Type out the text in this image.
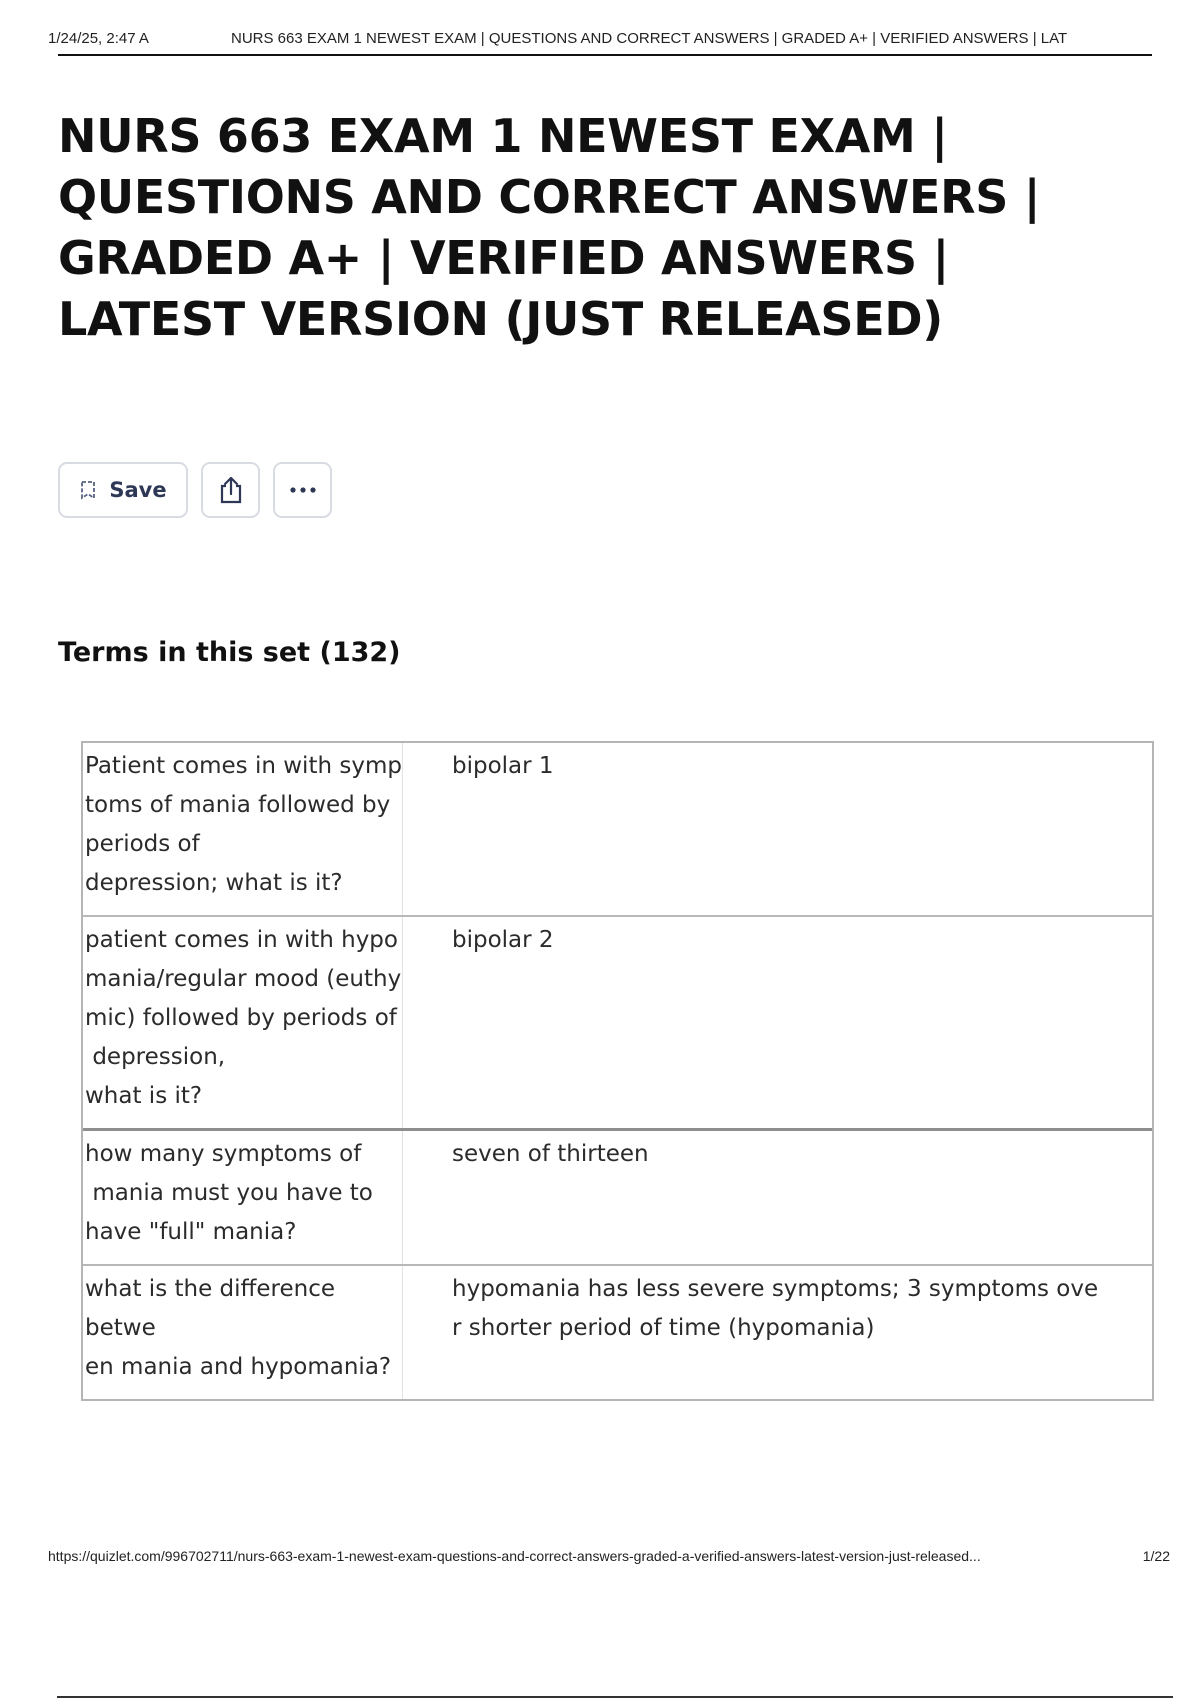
1/24/25, 2:47 A	NURS 663 EXAM 1 NEWEST EXAM | QUESTIONS AND CORRECT ANSWERS | GRADED A+ | VERIFIED ANSWERS | LAT
NURS 663 EXAM 1 NEWEST EXAM | QUESTIONS AND CORRECT ANSWERS | GRADED A+ | VERIFIED ANSWERS | LATEST VERSION (JUST RELEASED)
Save
Terms in this set (132)
Patient comes in with symp
toms of mania followed by
periods of
depression; what is it?
bipolar 1
patient comes in with hypo
mania/regular mood (euthy
mic) followed by periods of
depression,
what is it?
bipolar 2
how many symptoms of
mania must you have to
have "full" mania?
seven of thirteen
what is the difference betwe
en mania and hypomania?
hypomania has less severe symptoms; 3 symptoms ove
r shorter period of time (hypomania)
https://quizlet.com/996702711/nurs-663-exam-1-newest-exam-questions-and-correct-answers-graded-a-verified-answers-latest-version-just-released...	1/22
